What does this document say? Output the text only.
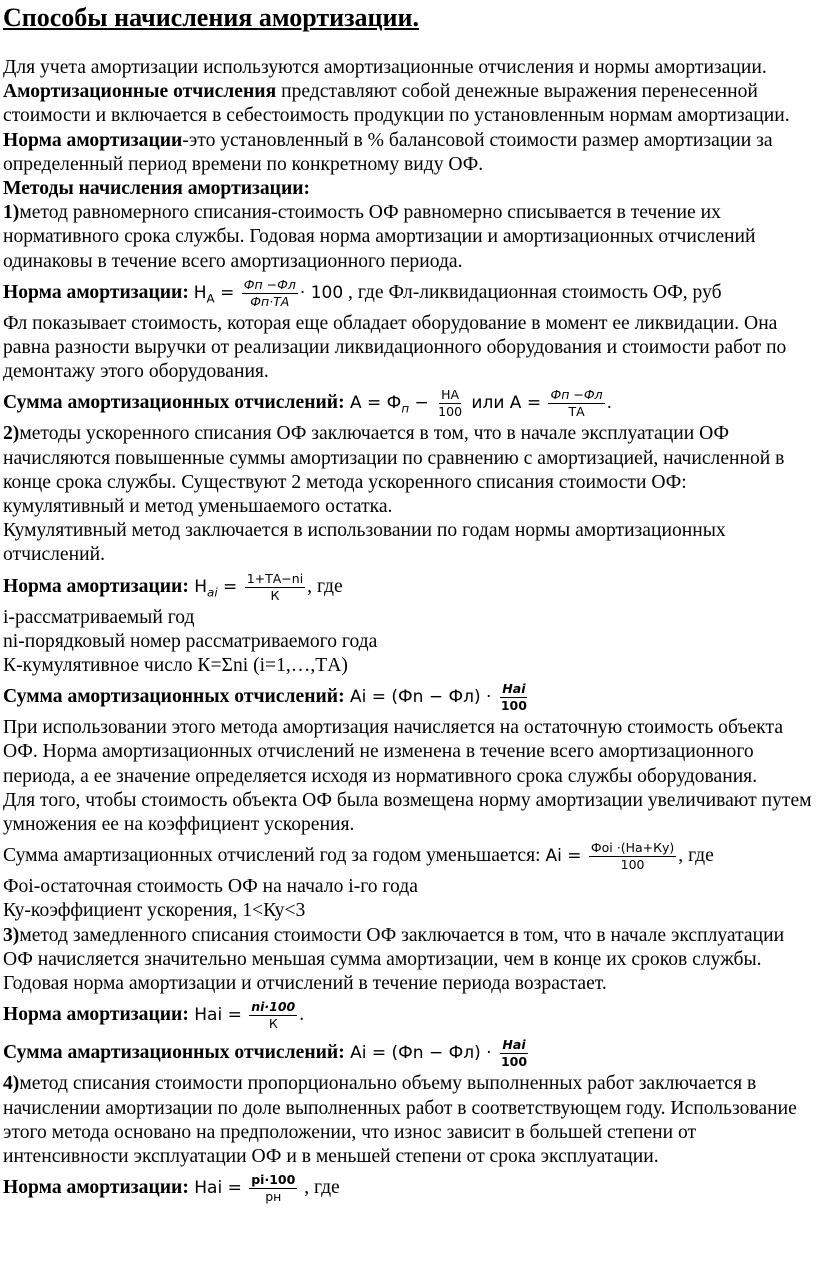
Способы начисления амортизации.

Для учета амортизации используются амортизационные отчисления и нормы амортизации.

Амортизационные отчисления представляют собой денежные выражения перенесенной стоимости и включается в себестоимость продукции по установленным нормам амортизации.

Норма амортизации-это установленный в % балансовой стоимости размер амортизации за определенный период времени по конкретному виду ОФ.

Методы начисления амортизации:

1)метод равномерного списания-стоимость ОФ равномерно списывается в течение их нормативного срока службы. Годовая норма амортизации и амортизационных отчислений одинаковы в течение всего амортизационного периода.

Норма амортизации: $Н_А = \frac{Фп -Фл}{Фп\cdot ТА} \cdot 100$ , где Фл-ликвидационная стоимость ОФ, руб

Фл показывает стоимость, которая еще обладает оборудование в момент ее ликвидации. Она равна разности выручки от реализации ликвидационного оборудования и стоимости работ по демонтажу этого оборудования.

Сумма амортизационных отчислений: $А = Ф_п - \frac{НА}{100}$ или $А = \frac{Фп -Фл}{ТА}$ .

2)методы ускоренного списания ОФ заключается в том, что в начале эксплуатации ОФ начисляются повышенные суммы амортизации по сравнению с амортизацией, начисленной в конце срока службы. Существуют 2 метода ускоренного списания стоимости ОФ: кумулятивный и метод уменьшаемого остатка.

Кумулятивный метод заключается в использовании по годам нормы амортизационных отчислений.

Норма амортизации: $Н_{ai} = \frac{1+ТА-ni}{К}$ , где

i-рассматриваемый год

ni-порядковый номер рассматриваемого года

К-кумулятивное число К=Σni (i=1,…,TА)

Сумма амортизационных отчислений: Аi = $(Фn - Фл) \cdot \frac{\text{Нai}}{100}$

При использовании этого метода амортизация начисляется на остаточную стоимость объекта ОФ. Норма амортизационных отчислений не изменена в течение всего амортизационного периода, а ее значение определяется исходя из нормативного срока службы оборудования.

Для того, чтобы стоимость объекта ОФ была возмещена норму амортизации увеличивают путем умножения ее на коэффициент ускорения.

Сумма амартизационных отчислений год за годом уменьшается: Аi = $\frac{\text{Фoi ·(На+Ку)}}{100}$ , где

Фoi-остаточная стоимость ОФ на начало i-го года

Ку-коэффициент ускорения, 1<Ку<3

3)метод замедленного списания стоимости ОФ заключается в том, что в начале эксплуатации ОФ начисляется значительно меньшая сумма амортизации, чем в конце их сроков службы. Годовая норма амортизации и отчислений в течение периода возрастает.

Норма амортизации: Нai = $\frac{ni\cdot 100}{К}$ .

Сумма амартизационных отчислений: Аi = $(Фn - Фл) \cdot \frac{\text{Нai}}{100}$

4)метод списания стоимости пропорционально объему выполненных работ заключается в начислении амортизации по доле выполненных работ в соответствующем году. Использование этого метода основано на предположении, что износ зависит в большей степени от интенсивности эксплуатации ОФ и в меньшей степени от срока эксплуатации.

Норма амортизации: Нai = $\frac{pi\cdot 100}{pн}$ , где
